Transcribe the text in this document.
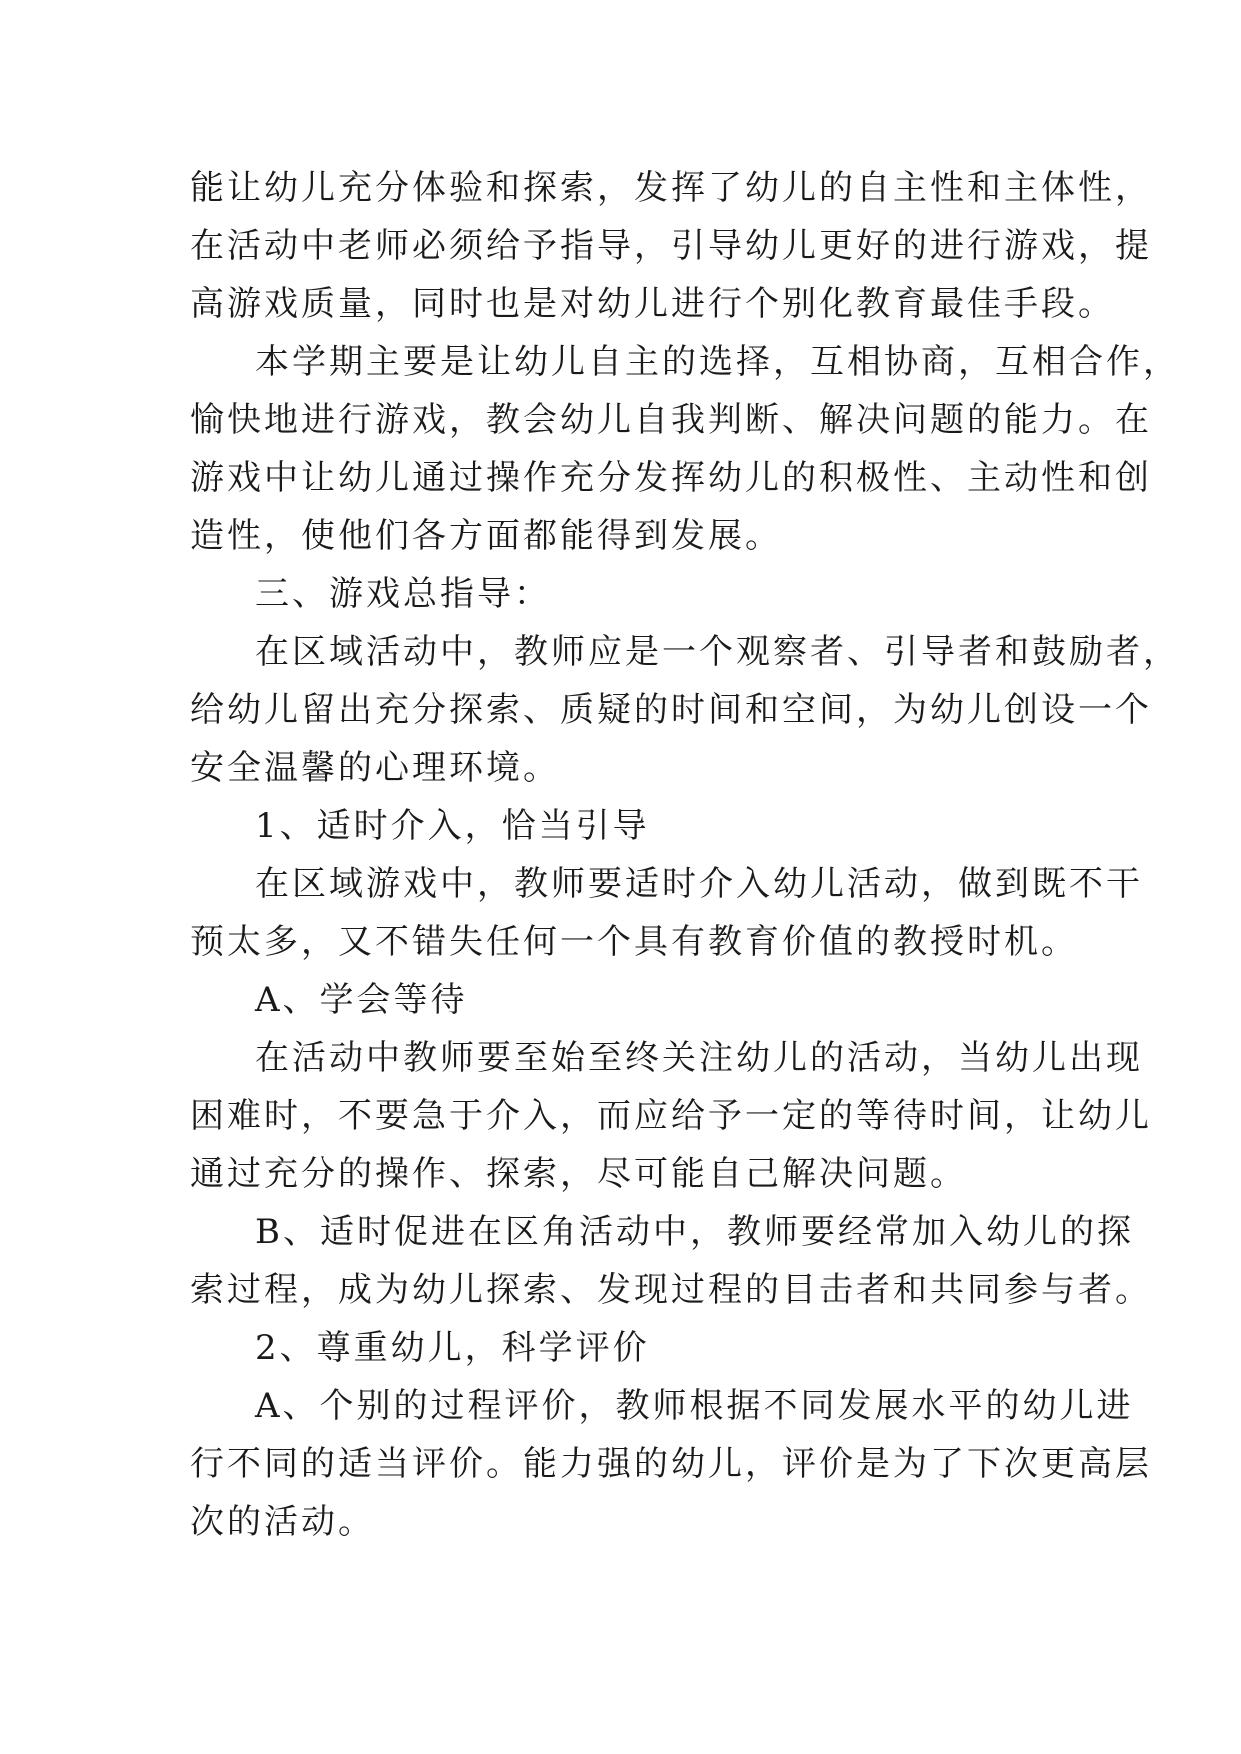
能让幼儿充分体验和探索，发挥了幼儿的自主性和主体性，
在活动中老师必须给予指导，引导幼儿更好的进行游戏，提
高游戏质量，同时也是对幼儿进行个别化教育最佳手段。
本学期主要是让幼儿自主的选择，互相协商，互相合作，
愉快地进行游戏，教会幼儿自我判断、解决问题的能力。在
游戏中让幼儿通过操作充分发挥幼儿的积极性、主动性和创
造性，使他们各方面都能得到发展。
三、游戏总指导：
在区域活动中，教师应是一个观察者、引导者和鼓励者，
给幼儿留出充分探索、质疑的时间和空间，为幼儿创设一个
安全温馨的心理环境。
1、适时介入，恰当引导
在区域游戏中，教师要适时介入幼儿活动，做到既不干
预太多，又不错失任何一个具有教育价值的教授时机。
A、学会等待
在活动中教师要至始至终关注幼儿的活动，当幼儿出现
困难时，不要急于介入，而应给予一定的等待时间，让幼儿
通过充分的操作、探索，尽可能自己解决问题。
B、适时促进在区角活动中，教师要经常加入幼儿的探
索过程，成为幼儿探索、发现过程的目击者和共同参与者。
2、尊重幼儿，科学评价
A、个别的过程评价，教师根据不同发展水平的幼儿进
行不同的适当评价。能力强的幼儿，评价是为了下次更高层
次的活动。
